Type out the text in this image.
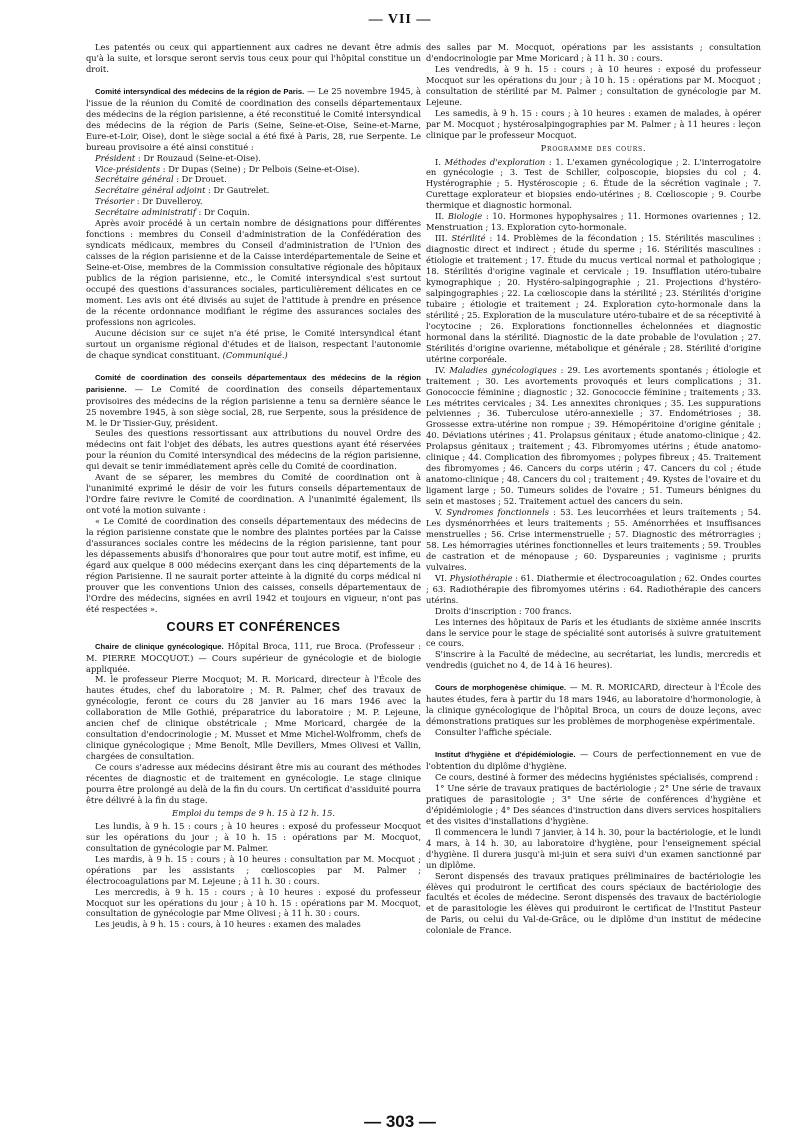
— VII —

Les patentés ou ceux qui appartiennent aux cadres ne devant être admis qu'à la suite, et lorsque seront servis tous ceux pour qui l'hôpital constitue un droit.

Comité intersyndical des médecins de la région de Paris. — Le 25 novembre 1945, à l'issue de la réunion du Comité de coordination des conseils départementaux des médecins de la région parisienne, a été reconstitué le Comité intersyndical des médecins de la région de Paris (Seine, Seine-et-Oise, Seine-et-Marne, Eure-et-Loir, Oise), dont le siège social a été fixé à Paris, 28, rue Serpente. Le bureau provisoire a été ainsi constitué :

Président : Dr Rouzaud (Seine-et-Oise).

Vice-présidents : Dr Dupas (Seine) ; Dr Pelbois (Seine-et-Oise).

Secrétaire général : Dr Drouet.

Secrétaire général adjoint : Dr Gautrelet.

Trésorier : Dr Duvelleroy.

Secrétaire administratif : Dr Coquin.

Après avoir procédé à un certain nombre de désignations pour différentes fonctions : membres du Conseil d'administration de la Confédération des syndicats médicaux, membres du Conseil d'administration de l'Union des caisses de la région parisienne et de la Caisse interdépartementale de Seine et Seine-et-Oise, membres de la Commission consultative régionale des hôpitaux publics de la région parisienne, etc., le Comité intersyndical s'est surtout occupé des questions d'assurances sociales, particulièrement délicates en ce moment. Les avis ont été divisés au sujet de l'attitude à prendre en présence de la récente ordonnance modifiant le régime des assurances sociales des professions non agricoles.

Aucune décision sur ce sujet n'a été prise, le Comité intersyndical étant surtout un organisme régional d'études et de liaison, respectant l'autonomie de chaque syndicat constituant. (Communiqué.)

Comité de coordination des conseils départementaux des médecins de la région parisienne. — Le Comité de coordination des conseils départementaux provisoires des médecins de la région parisienne a tenu sa dernière séance le 25 novembre 1945, à son siège social, 28, rue Serpente, sous la présidence de M. le Dr Tissier-Guy, président.

Seules des questions ressortissant aux attributions du nouvel Ordre des médecins ont fait l'objet des débats, les autres questions ayant été réservées pour la réunion du Comité intersyndical des médecins de la région parisienne, qui devait se tenir immédiatement après celle du Comité de coordination.

Avant de se séparer, les membres du Comité de coordination ont à l'unanimité exprimé le désir de voir les futurs conseils départementaux de l'Ordre faire revivre le Comité de coordination. A l'unanimité également, ils ont voté la motion suivante :

« Le Comité de coordination des conseils départementaux des médecins de la région parisienne constate que le nombre des plaintes portées par la Caisse d'assurances sociales contre les médecins de la région parisienne, tant pour les dépassements abusifs d'honoraires que pour tout autre motif, est infime, eu égard aux quelque 8 000 médecins exerçant dans les cinq départements de la région Parisienne. Il ne saurait porter atteinte à la dignité du corps médical ni prouver que les conventions Union des caisses, conseils départementaux de l'Ordre des médecins, signées en avril 1942 et toujours en vigueur, n'ont pas été respectées ».

COURS ET CONFÉRENCES

Chaire de clinique gynécologique. Hôpital Broca, 111, rue Broca. (Professeur : M. PIERRE MOCQUOT.) — Cours supérieur de gynécologie et de biologie appliquée.

M. le professeur Pierre Mocquot; M. R. Moricard, directeur à l'École des hautes études, chef du laboratoire ; M. R. Palmer, chef des travaux de gynécologie, feront ce cours du 28 janvier au 16 mars 1946 avec la collaboration de Mlle Gothié, préparatrice du laboratoire ; M. P. Lejeune, ancien chef de clinique obstétricale ; Mme Moricard, chargée de la consultation d'endocrinologie ; M. Musset et Mme Michel-Wolfromm, chefs de clinique gynécologique ; Mme Benoît, Mlle Devillers, Mmes Olivesi et Vallin, chargées de consultation.

Ce cours s'adresse aux médecins désirant être mis au courant des méthodes récentes de diagnostic et de traitement en gynécologie. Le stage clinique pourra être prolongé au delà de la fin du cours. Un certificat d'assiduité pourra être délivré à la fin du stage.

Emploi du temps de 9 h. 15 à 12 h. 15.

Les lundis, à 9 h. 15 : cours ; à 10 heures : exposé du professeur Mocquot sur les opérations du jour ; à 10 h. 15 : opérations par M. Mocquot, consultation de gynécologie par M. Palmer.

Les mardis, à 9 h. 15 : cours ; à 10 heures : consultation par M. Mocquot ; opérations par les assistants ; cœlioscopies par M. Palmer ; électrocoagulations par M. Lejeune ; à 11 h. 30 : cours.

Les mercredis, à 9 h. 15 : cours ; à 10 heures : exposé du professeur Mocquot sur les opérations du jour ; à 10 h. 15 : opérations par M. Mocquot, consultation de gynécologie par Mme Olivesi ; à 11 h. 30 : cours.

Les jeudis, à 9 h. 15 : cours, à 10 heures : examen des malades

des salles par M. Mocquot, opérations par les assistants ; consultation d'endocrinologie par Mme Moricard ; à 11 h. 30 : cours.

Les vendredis, à 9 h. 15 : cours ; à 10 heures : exposé du professeur Mocquot sur les opérations du jour ; à 10 h. 15 : opérations par M. Mocquot ; consultation de stérilité par M. Palmer ; consultation de gynécologie par M. Lejeune.

Les samedis, à 9 h. 15 : cours ; à 10 heures : examen de malades, à opérer par M. Mocquot ; hystérosalpingographies par M. Palmer ; à 11 heures : leçon clinique par le professeur Mocquot.

Programme des cours.

I. Méthodes d'exploration : 1. L'examen gynécologique ; 2. L'interrogatoire en gynécologie ; 3. Test de Schiller, colposcopie, biopsies du col ; 4. Hystérographie ; 5. Hystéroscopie ; 6. Étude de la sécrétion vaginale ; 7. Curettage explorateur et biopsies endo-utérines ; 8. Cœlioscopie ; 9. Courbe thermique et diagnostic hormonal.

II. Biologie : 10. Hormones hypophysaires ; 11. Hormones ovariennes ; 12. Menstruation ; 13. Exploration cyto-hormonale.

III. Stérilité : 14. Problèmes de la fécondation ; 15. Stérilités masculines : diagnostic direct et indirect ; étude du sperme ; 16. Stérilités masculines : étiologie et traitement ; 17. Étude du mucus vertical normal et pathologique ; 18. Stérilités d'origine vaginale et cervicale ; 19. Insufflation utéro-tubaire kymographique ; 20. Hystéro-salpingographie ; 21. Projections d'hystéro-salpingographies ; 22. La cœlioscopie dans la stérilité ; 23. Stérilités d'origine tubaire ; étiologie et traitement ; 24. Exploration cyto-hormonale dans la stérilité ; 25. Exploration de la musculature utéro-tubaire et de sa réceptivité à l'ocytocine ; 26. Explorations fonctionnelles échelonnées et diagnostic hormonal dans la stérilité. Diagnostic de la date probable de l'ovulation ; 27. Stérilités d'origine ovarienne, métabolique et générale ; 28. Stérilité d'origine utérine corporéale.

IV. Maladies gynécologiques : 29. Les avortements spontanés ; étiologie et traitement ; 30. Les avortements provoqués et leurs complications ; 31. Gonococcie féminine ; diagnostic ; 32. Gonococcie féminine ; traitements ; 33. Les métrites cervicales ; 34. Les annexites chroniques ; 35. Les suppurations pelviennes ; 36. Tuberculose utéro-annexielle ; 37. Endométrioses ; 38. Grossesse extra-utérine non rompue ; 39. Hémopéritoine d'origine génitale ; 40. Déviations utérines ; 41. Prolapsus génitaux ; étude anatomo-clinique ; 42. Prolapsus génitaux ; traitement ; 43. Fibromyomes utérins ; étude anatomo-clinique ; 44. Complication des fibromyomes ; polypes fibreux ; 45. Traitement des fibromyomes ; 46. Cancers du corps utérin ; 47. Cancers du col ; étude anatomo-clinique ; 48. Cancers du col ; traitement ; 49. Kystes de l'ovaire et du ligament large ; 50. Tumeurs solides de l'ovaire ; 51. Tumeurs bénignes du sein et mastoses ; 52. Traitement actuel des cancers du sein.

V. Syndromes fonctionnels : 53. Les leucorrhées et leurs traitements ; 54. Les dysménorrhées et leurs traitements ; 55. Aménorrhées et insuffisances menstruelles ; 56. Crise intermenstruelle ; 57. Diagnostic des métrorragies ; 58. Les hémorragies utérines fonctionnelles et leurs traitements ; 59. Troubles de castration et de ménopause ; 60. Dyspareunies ; vaginisme ; prurits vulvaires.

VI. Physiothérapie : 61. Diathermie et électrocoagulation ; 62. Ondes courtes ; 63. Radiothérapie des fibromyomes utérins : 64. Radiothérapie des cancers utérins.

Droits d'inscription : 700 francs.

Les internes des hôpitaux de Paris et les étudiants de sixième année inscrits dans le service pour le stage de spécialité sont autorisés à suivre gratuitement ce cours.

S'inscrire à la Faculté de médecine, au secrétariat, les lundis, mercredis et vendredis (guichet no 4, de 14 à 16 heures).

Cours de morphogenèse chimique. — M. R. MORICARD, directeur à l'École des hautes études, fera à partir du 18 mars 1946, au laboratoire d'hormonologie, à la clinique gynécologique de l'hôpital Broca, un cours de douze leçons, avec démonstrations pratiques sur les problèmes de morphogenèse expérimentale.

Consulter l'affiche spéciale.

Institut d'hygiène et d'épidémiologie. — Cours de perfectionnement en vue de l'obtention du diplôme d'hygiène.

Ce cours, destiné à former des médecins hygiénistes spécialisés, comprend :

1° Une série de travaux pratiques de bactériologie ; 2° Une série de travaux pratiques de parasitologie ; 3° Une série de conférences d'hygiène et d'épidémiologie ; 4° Des séances d'instruction dans divers services hospitaliers et des visites d'installations d'hygiène.

Il commencera le lundi 7 janvier, à 14 h. 30, pour la bactériologie, et le lundi 4 mars, à 14 h. 30, au laboratoire d'hygiène, pour l'enseignement spécial d'hygiène. Il durera jusqu'à mi-juin et sera suivi d'un examen sanctionné par un diplôme.

Seront dispensés des travaux pratiques préliminaires de bactériologie les élèves qui produiront le certificat des cours spéciaux de bactériologie des facultés et écoles de médecine. Seront dispensés des travaux de bactériologie et de parasitologie les élèves qui produiront le certificat de l'Institut Pasteur de Paris, ou celui du Val-de-Grâce, ou le diplôme d'un institut de médecine coloniale de France.

— 303 —
